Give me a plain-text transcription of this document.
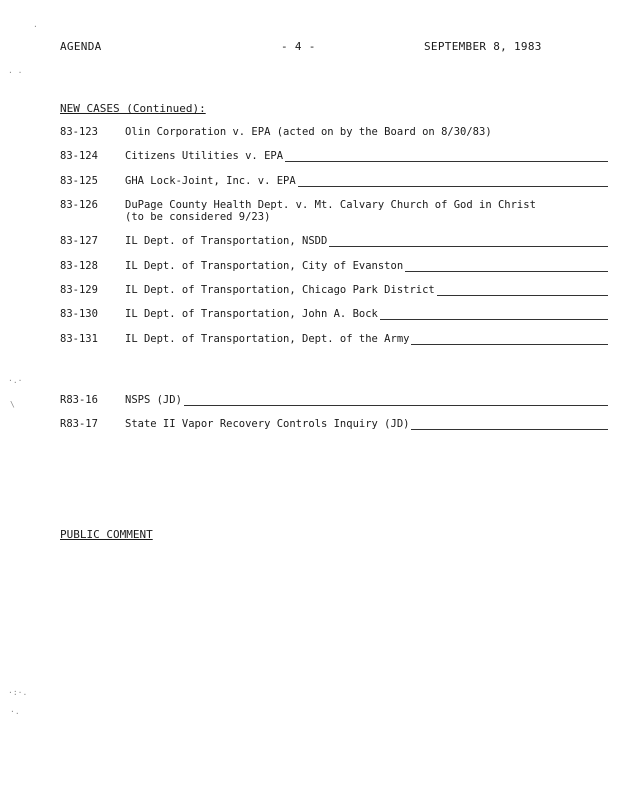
AGENDA	- 4 -	SEPTEMBER 8, 1983
NEW CASES (Continued):
83-123	Olin Corporation v. EPA (acted on by the Board on 8/30/83)
83-124	Citizens Utilities v. EPA
83-125	GHA Lock-Joint, Inc. v. EPA
83-126	DuPage County Health Dept. v. Mt. Calvary Church of God in Christ (to be considered 9/23)
83-127	IL Dept. of Transportation, NSDD
83-128	IL Dept. of Transportation, City of Evanston
83-129	IL Dept. of Transportation, Chicago Park District
83-130	IL Dept. of Transportation, John A. Bock
83-131	IL Dept. of Transportation, Dept. of the Army
R83-16	NSPS (JD)
R83-17	State II Vapor Recovery Controls Inquiry (JD)
PUBLIC COMMENT
·
· ·
·.·
\
·:·.
·.
